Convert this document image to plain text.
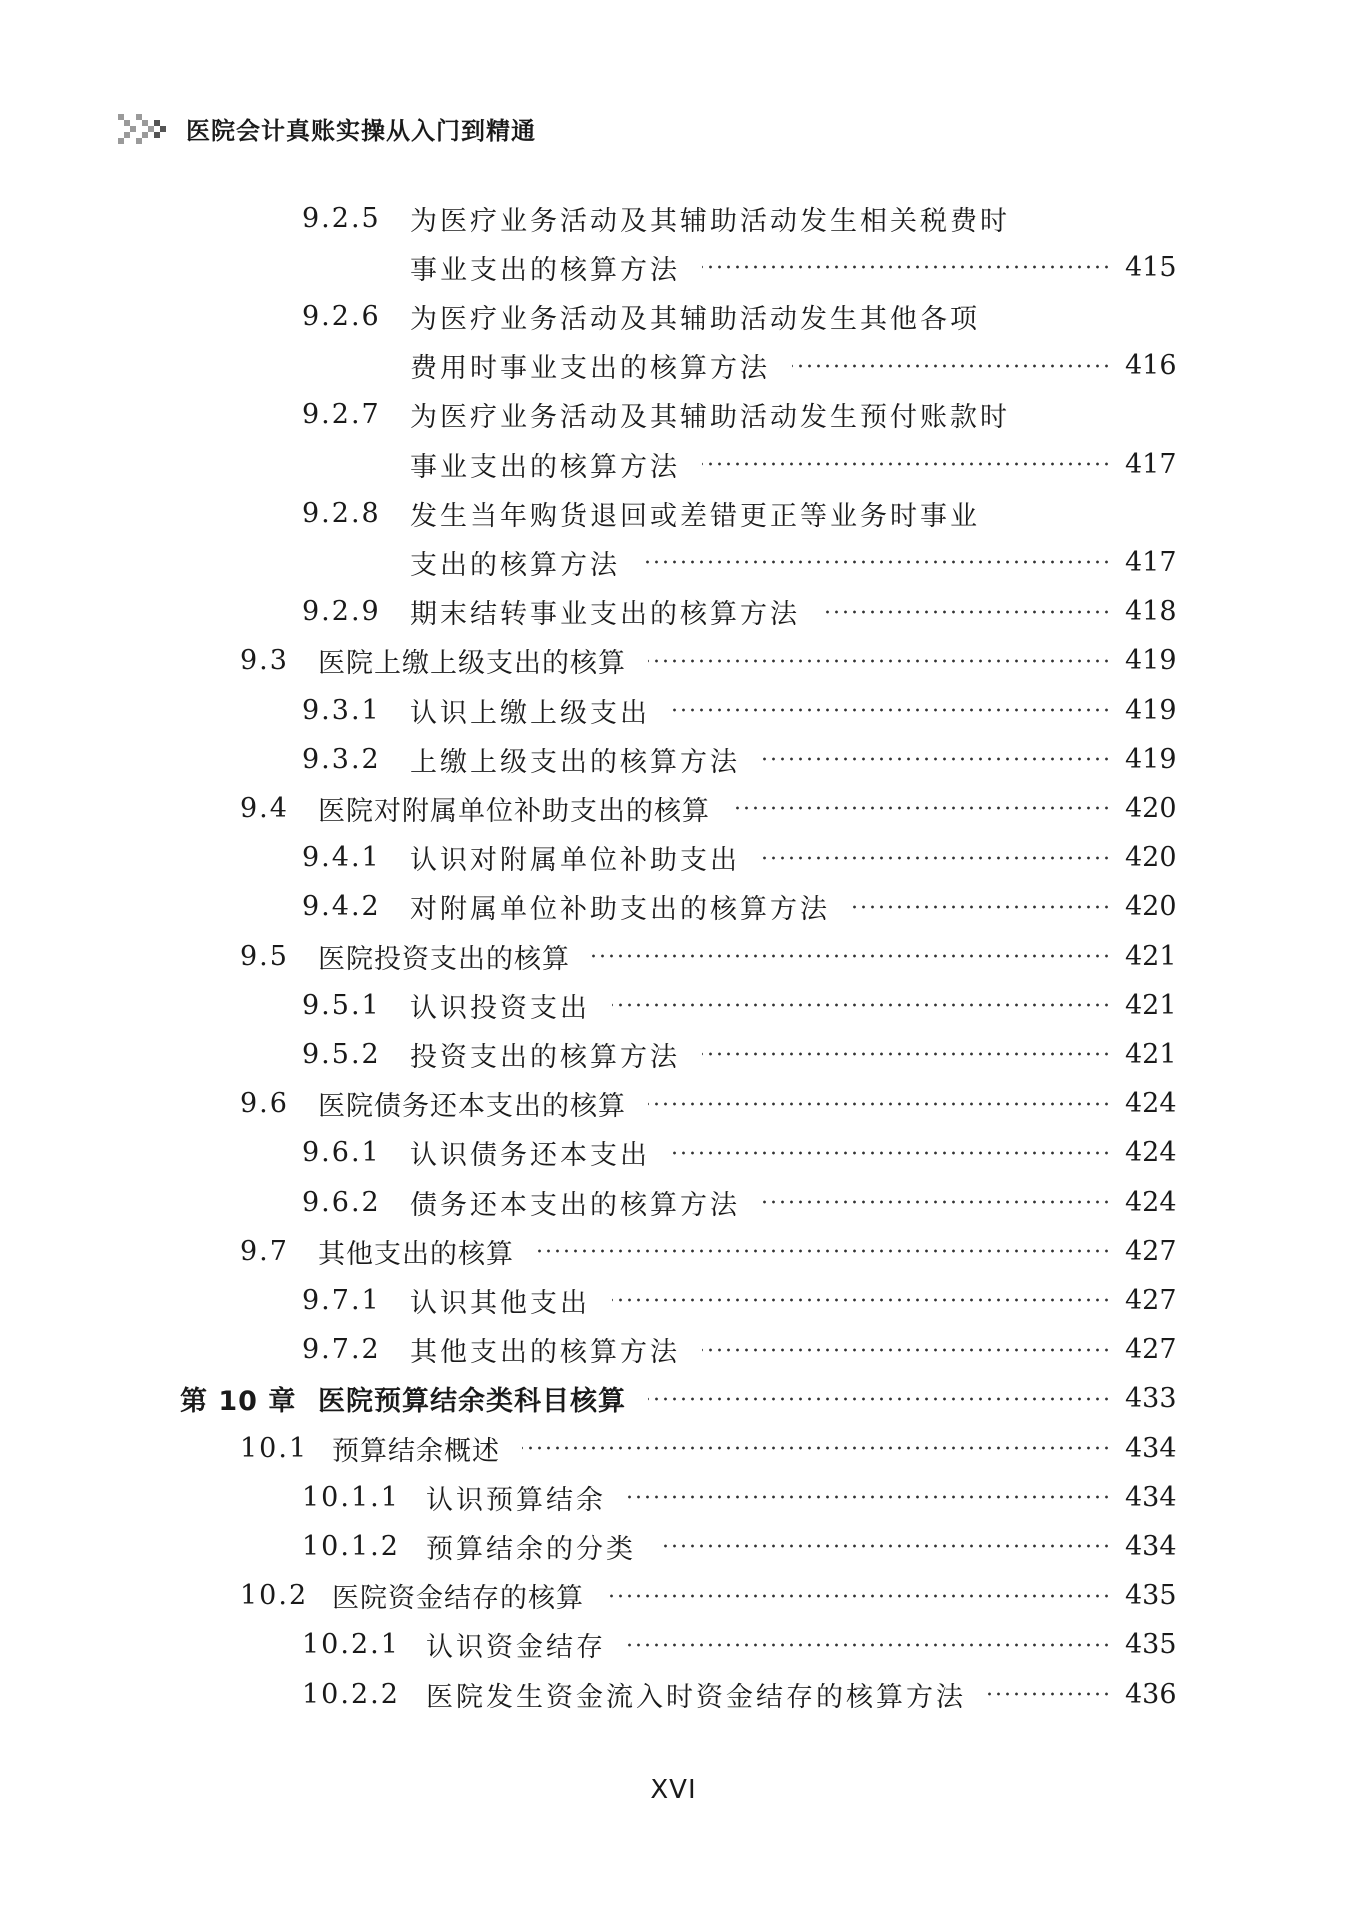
医院会计真账实操从入门到精通
9.2.5 为医疗业务活动及其辅助活动发生相关税费时
事业支出的核算方法	415
9.2.6 为医疗业务活动及其辅助活动发生其他各项
费用时事业支出的核算方法	416
9.2.7 为医疗业务活动及其辅助活动发生预付账款时
事业支出的核算方法	417
9.2.8 发生当年购货退回或差错更正等业务时事业
支出的核算方法	417
9.2.9 期末结转事业支出的核算方法	418
9.3 医院上缴上级支出的核算	419
9.3.1 认识上缴上级支出	419
9.3.2 上缴上级支出的核算方法	419
9.4 医院对附属单位补助支出的核算	420
9.4.1 认识对附属单位补助支出	420
9.4.2 对附属单位补助支出的核算方法	420
9.5 医院投资支出的核算	421
9.5.1 认识投资支出	421
9.5.2 投资支出的核算方法	421
9.6 医院债务还本支出的核算	424
9.6.1 认识债务还本支出	424
9.6.2 债务还本支出的核算方法	424
9.7 其他支出的核算	427
9.7.1 认识其他支出	427
9.7.2 其他支出的核算方法	427
第 10 章 医院预算结余类科目核算	433
10.1 预算结余概述	434
10.1.1 认识预算结余	434
10.1.2 预算结余的分类	434
10.2 医院资金结存的核算	435
10.2.1 认识资金结存	435
10.2.2 医院发生资金流入时资金结存的核算方法	436
XVI
